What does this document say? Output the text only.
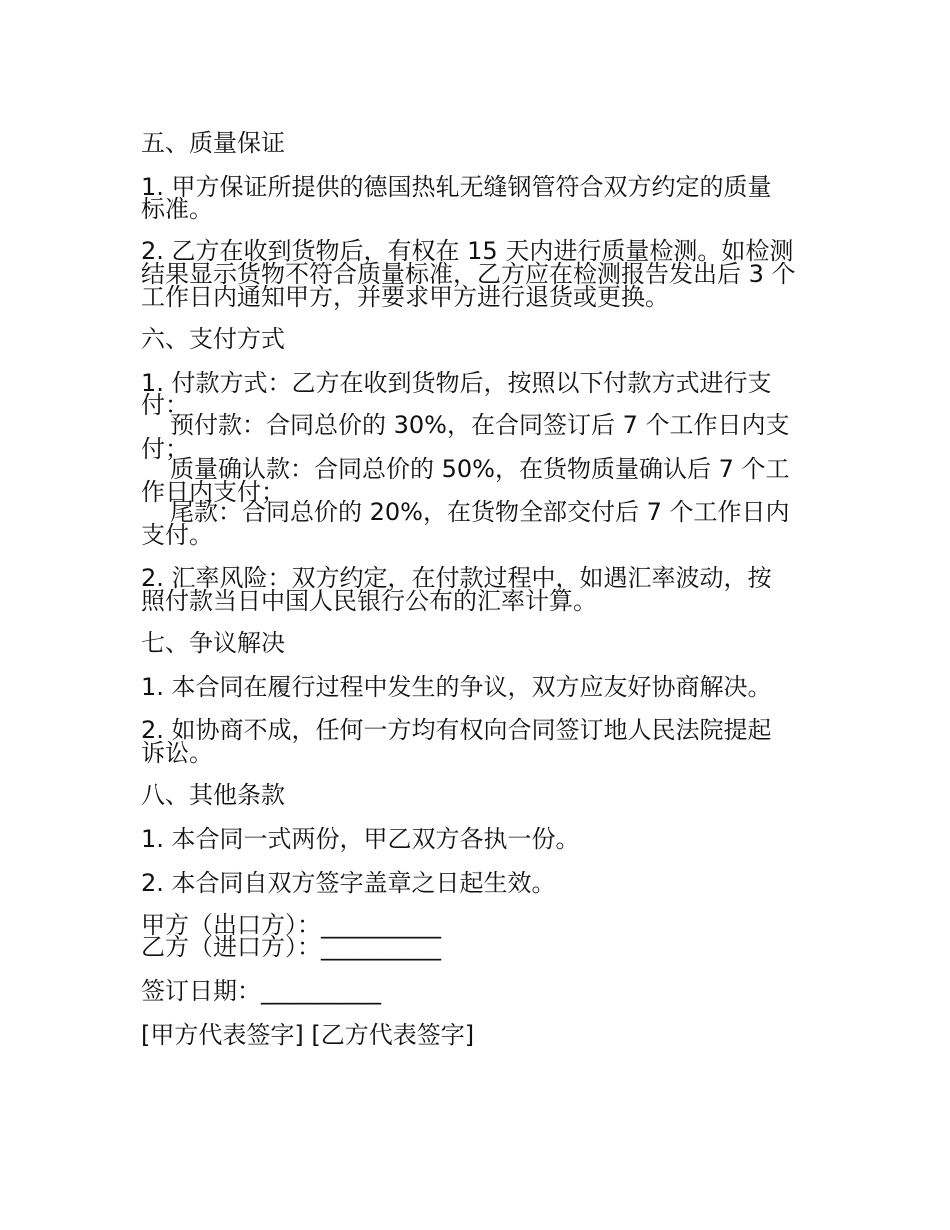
五、质量保证
1. 甲方保证所提供的德国热轧无缝钢管符合双方约定的质量
标准。
2. 乙方在收到货物后，有权在 15 天内进行质量检测。如检测
结果显示货物不符合质量标准，乙方应在检测报告发出后 3 个
工作日内通知甲方，并要求甲方进行退货或更换。
六、支付方式
1. 付款方式：乙方在收到货物后，按照以下付款方式进行支
付：
预付款：合同总价的 30%，在合同签订后 7 个工作日内支
付；
质量确认款：合同总价的 50%，在货物质量确认后 7 个工
作日内支付；
尾款：合同总价的 20%，在货物全部交付后 7 个工作日内
支付。
2. 汇率风险：双方约定，在付款过程中，如遇汇率波动，按
照付款当日中国人民银行公布的汇率计算。
七、争议解决
1. 本合同在履行过程中发生的争议，双方应友好协商解决。
2. 如协商不成，任何一方均有权向合同签订地人民法院提起
诉讼。
八、其他条款
1. 本合同一式两份，甲乙双方各执一份。
2. 本合同自双方签字盖章之日起生效。
甲方（出口方）：__________
乙方（进口方）：__________
签订日期：__________
[甲方代表签字] [乙方代表签字]
